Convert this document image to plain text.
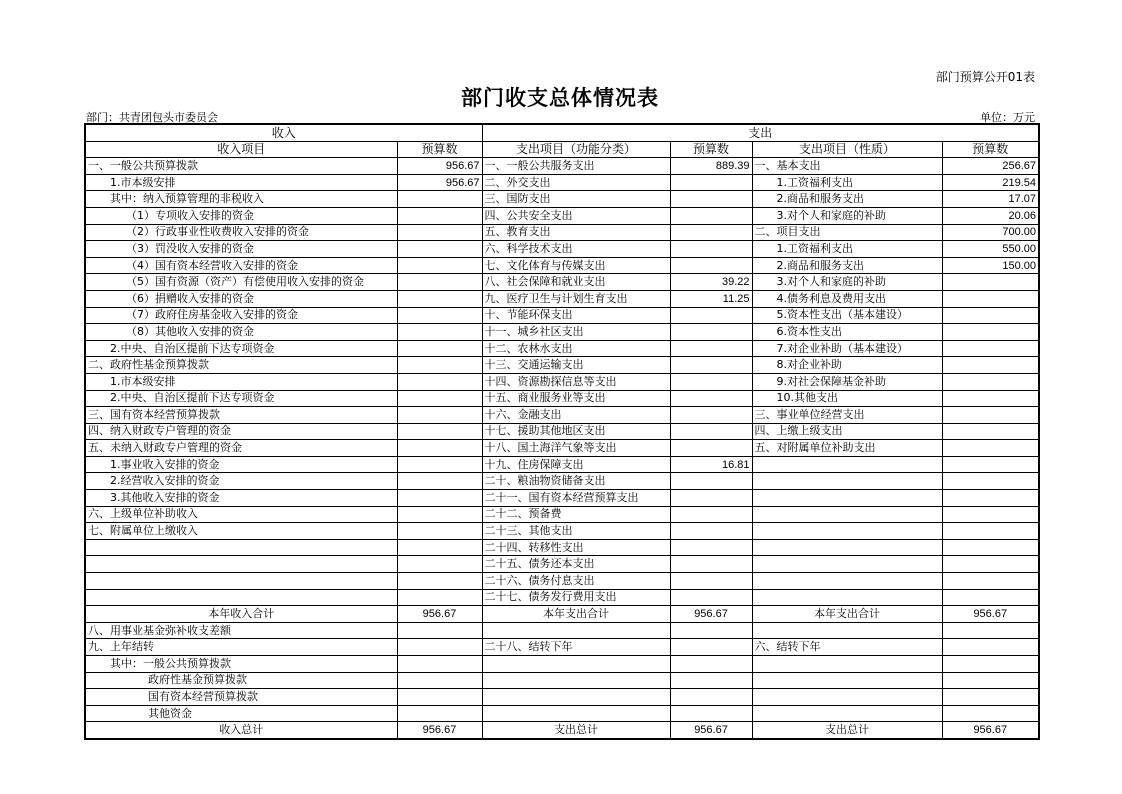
部门预算公开01表
部门收支总体情况表
部门：共青团包头市委员会	单位：万元
收入		支出			
收入项目	预算数	支出项目（功能分类）	预算数	支出项目（性质）	预算数
一、一般公共预算拨款	956.67	一、一般公共服务支出	889.39	一、基本支出	256.67
1.市本级安排	956.67	二、外交支出		1.工资福利支出	219.54
其中：纳入预算管理的非税收入		三、国防支出		2.商品和服务支出	17.07
（1）专项收入安排的资金		四、公共安全支出		3.对个人和家庭的补助	20.06
（2）行政事业性收费收入安排的资金		五、教育支出		二、项目支出	700.00
（3）罚没收入安排的资金		六、科学技术支出		1.工资福利支出	550.00
（4）国有资本经营收入安排的资金		七、文化体育与传媒支出		2.商品和服务支出	150.00
（5）国有资源（资产）有偿使用收入安排的资金		八、社会保障和就业支出	39.22	3.对个人和家庭的补助	
（6）捐赠收入安排的资金		九、医疗卫生与计划生育支出	11.25	4.债务利息及费用支出	
（7）政府住房基金收入安排的资金		十、节能环保支出		5.资本性支出（基本建设）	
（8）其他收入安排的资金		十一、城乡社区支出		6.资本性支出	
2.中央、自治区提前下达专项资金		十二、农林水支出		7.对企业补助（基本建设）	
二、政府性基金预算拨款		十三、交通运输支出		8.对企业补助	
1.市本级安排		十四、资源勘探信息等支出		9.对社会保障基金补助	
2.中央、自治区提前下达专项资金		十五、商业服务业等支出		10.其他支出	
三、国有资本经营预算拨款		十六、金融支出		三、事业单位经营支出	
四、纳入财政专户管理的资金		十七、援助其他地区支出		四、上缴上级支出	
五、未纳入财政专户管理的资金		十八、国土海洋气象等支出		五、对附属单位补助支出	
1.事业收入安排的资金		十九、住房保障支出	16.81		
2.经营收入安排的资金		二十、粮油物资储备支出			
3.其他收入安排的资金		二十一、国有资本经营预算支出			
六、上级单位补助收入		二十二、预备费			
七、附属单位上缴收入		二十三、其他支出			
		二十四、转移性支出			
		二十五、债务还本支出			
		二十六、债务付息支出			
		二十七、债务发行费用支出			
本年收入合计	956.67	本年支出合计	956.67	本年支出合计	956.67
八、用事业基金弥补收支差额					
九、上年结转		二十八、结转下年		六、结转下年	
其中：一般公共预算拨款					
政府性基金预算拨款					
国有资本经营预算拨款					
其他资金					
收入总计	956.67	支出总计	956.67	支出总计	956.67
